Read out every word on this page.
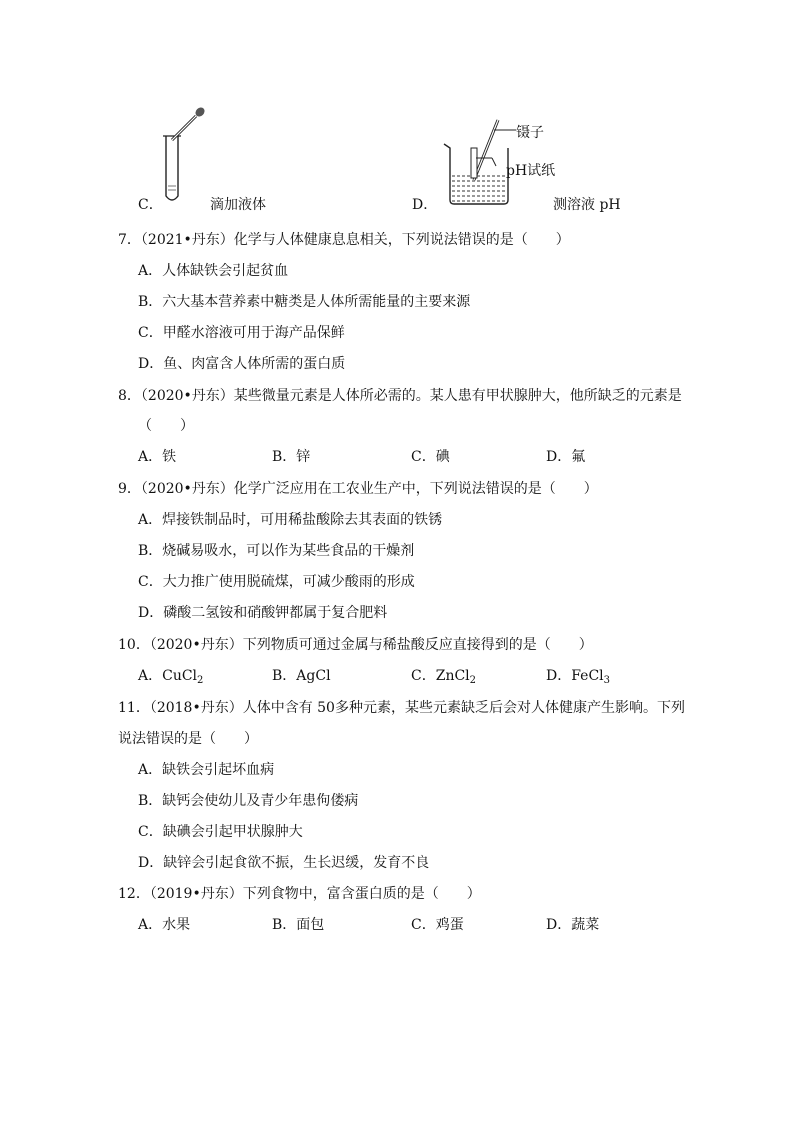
C．	滴加液体
镊子
pH试纸
D．	测溶液 pH
7．（2021•丹东）化学与人体健康息息相关，下列说法错误的是（　　）
A．人体缺铁会引起贫血
B．六大基本营养素中糖类是人体所需能量的主要来源
C．甲醛水溶液可用于海产品保鲜
D．鱼、肉富含人体所需的蛋白质
8．（2020•丹东）某些微量元素是人体所必需的。某人患有甲状腺肿大，他所缺乏的元素是
（　　）
A．铁	B．锌	C．碘	D．氟
9．（2020•丹东）化学广泛应用在工农业生产中，下列说法错误的是（　　）
A．焊接铁制品时，可用稀盐酸除去其表面的铁锈
B．烧碱易吸水，可以作为某些食品的干燥剂
C．大力推广使用脱硫煤，可减少酸雨的形成
D．磷酸二氢铵和硝酸钾都属于复合肥料
10．（2020•丹东）下列物质可通过金属与稀盐酸反应直接得到的是（　　）
A．CuCl$_2$	B．AgCl	C．ZnCl$_2$	D．FeCl$_3$
11．（2018•丹东）人体中含有 50多种元素，某些元素缺乏后会对人体健康产生影响。下列
说法错误的是（　　）
A．缺铁会引起坏血病
B．缺钙会使幼儿及青少年患佝偻病
C．缺碘会引起甲状腺肿大
D．缺锌会引起食欲不振，生长迟缓，发育不良
12．（2019•丹东）下列食物中，富含蛋白质的是（　　）
A．水果	B．面包	C．鸡蛋	D．蔬菜
